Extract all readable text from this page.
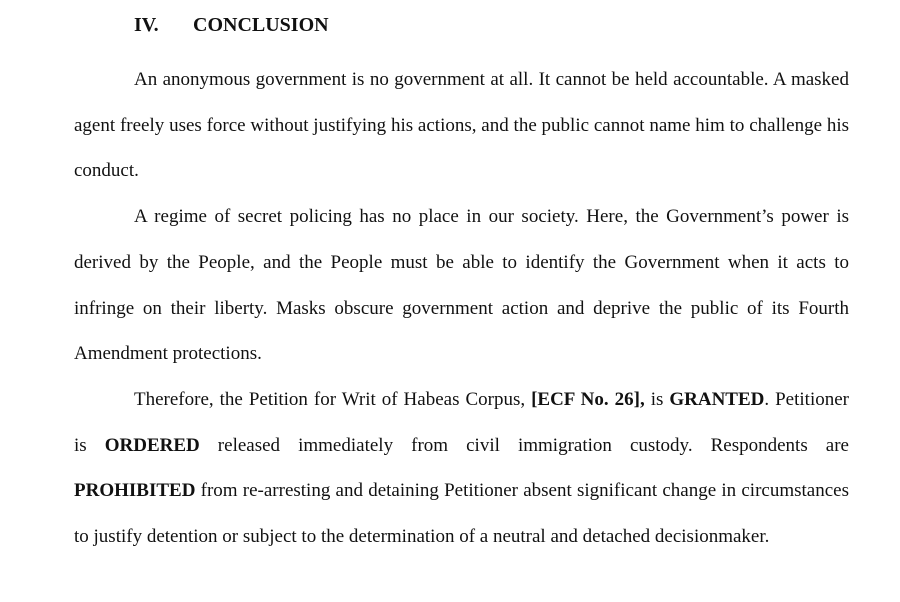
IV. CONCLUSION

An anonymous government is no government at all. It cannot be held accountable. A masked agent freely uses force without justifying his actions, and the public cannot name him to challenge his conduct.

A regime of secret policing has no place in our society. Here, the Government’s power is derived by the People, and the People must be able to identify the Government when it acts to infringe on their liberty. Masks obscure government action and deprive the public of its Fourth Amendment protections.

Therefore, the Petition for Writ of Habeas Corpus, [ECF No. 26], is GRANTED. Petitioner is ORDERED released immediately from civil immigration custody. Respondents are PROHIBITED from re-arresting and detaining Petitioner absent significant change in circumstances to justify detention or subject to the determination of a neutral and detached decisionmaker.
